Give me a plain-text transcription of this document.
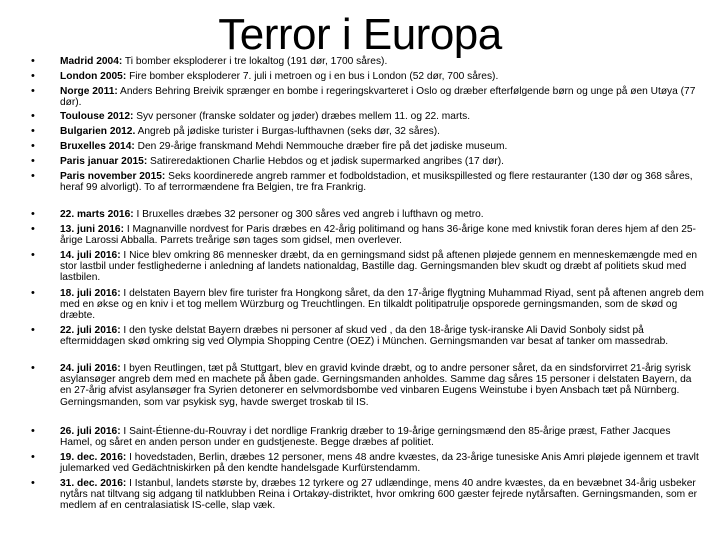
Terror i Europa
• Madrid 2004: Ti bomber eksploderer i tre lokaltog (191 dør, 1700 såres).
• London 2005: Fire bomber eksploderer 7. juli i metroen og i en bus i London (52 dør, 700 såres).
• Norge 2011: Anders Behring Breivik sprænger en bombe i regeringskvarteret i Oslo og dræber efterfølgende børn og unge på øen Utøya (77 dør).
• Toulouse 2012: Syv personer (franske soldater og jøder) dræbes mellem 11. og 22. marts.
• Bulgarien 2012. Angreb på jødiske turister i Burgas-lufthavnen (seks dør, 32 såres).
• Bruxelles 2014: Den 29-årige franskmand Mehdi Nemmouche dræber fire på det jødiske museum.
• Paris januar 2015: Satireredaktionen Charlie Hebdos og et jødisk supermarked angribes (17 dør).
• Paris november 2015: Seks koordinerede angreb rammer et fodboldstadion, et musikspillested og flere restauranter (130 dør og 368 såres, heraf 99 alvorligt). To af terrormændene fra Belgien, tre fra Frankrig.
• 22. marts 2016: I Bruxelles dræbes 32 personer og 300 såres ved angreb i lufthavn og metro.
• 13. juni 2016: I Magnanville nordvest for Paris dræbes en 42-årig politimand og hans 36-årige kone med knivstik foran deres hjem af den 25-årige Larossi Abballa. Parrets treårige søn tages som gidsel, men overlever.
• 14. juli 2016: I Nice blev omkring 86 mennesker dræbt, da en gerningsmand sidst på aftenen pløjede gennem en menneskemængde med en stor lastbil under festlighederne i anledning af landets nationaldag, Bastille dag. Gerningsmanden blev skudt og dræbt af politiets skud med lastbilen.
• 18. juli 2016: I delstaten Bayern blev fire turister fra Hongkong såret, da den 17-årige flygtning Muhammad Riyad, sent på aftenen angreb dem med en økse og en kniv i et tog mellem Würzburg og Treuchtlingen. En tilkaldt politipatrulje opsporede gerningsmanden, som de skød og dræbte.
• 22. juli 2016: I den tyske delstat Bayern dræbes ni personer af skud ved , da den 18-årige tysk-iranske Ali David Sonboly sidst på eftermiddagen skød omkring sig ved Olympia Shopping Centre (OEZ) i München. Gerningsmanden var besat af tanker om massedrab.
• 24. juli 2016: I byen Reutlingen, tæt på Stuttgart, blev en gravid kvinde dræbt, og to andre personer såret, da en sindsforvirret 21-årig syrisk asylansøger angreb dem med en machete på åben gade. Gerningsmanden anholdes. Samme dag såres 15 personer i delstaten Bayern, da en 27-årig afvist asylansøger fra Syrien detonerer en selvmordsbombe ved vinbaren Eugens Weinstube i byen Ansbach tæt på Nürnberg. Gerningsmanden, som var psykisk syg, havde swerget troskab til IS.
• 26. juli 2016: I Saint-Étienne-du-Rouvray i det nordlige Frankrig dræber to 19-årige gerningsmænd den 85-årige præst, Father Jacques Hamel, og såret en anden person under en gudstjeneste. Begge dræbes af politiet.
• 19. dec. 2016: I hovedstaden, Berlin, dræbes 12 personer, mens 48 andre kvæstes, da 23-årige tunesiske Anis Amri pløjede igennem et travlt julemarked ved Gedächtniskirken på den kendte handelsgade Kurfürstendamm.
• 31. dec. 2016: I Istanbul, landets største by, dræbes 12 tyrkere og 27 udlændinge, mens 40 andre kvæstes, da en bevæbnet 34-årig usbeker nytårs nat tiltvang sig adgang til natklubben Reina i Ortakøy-distriktet, hvor omkring 600 gæster fejrede nytårsaften. Gerningsmanden, som er medlem af en centralasiatisk IS-celle, slap væk.
